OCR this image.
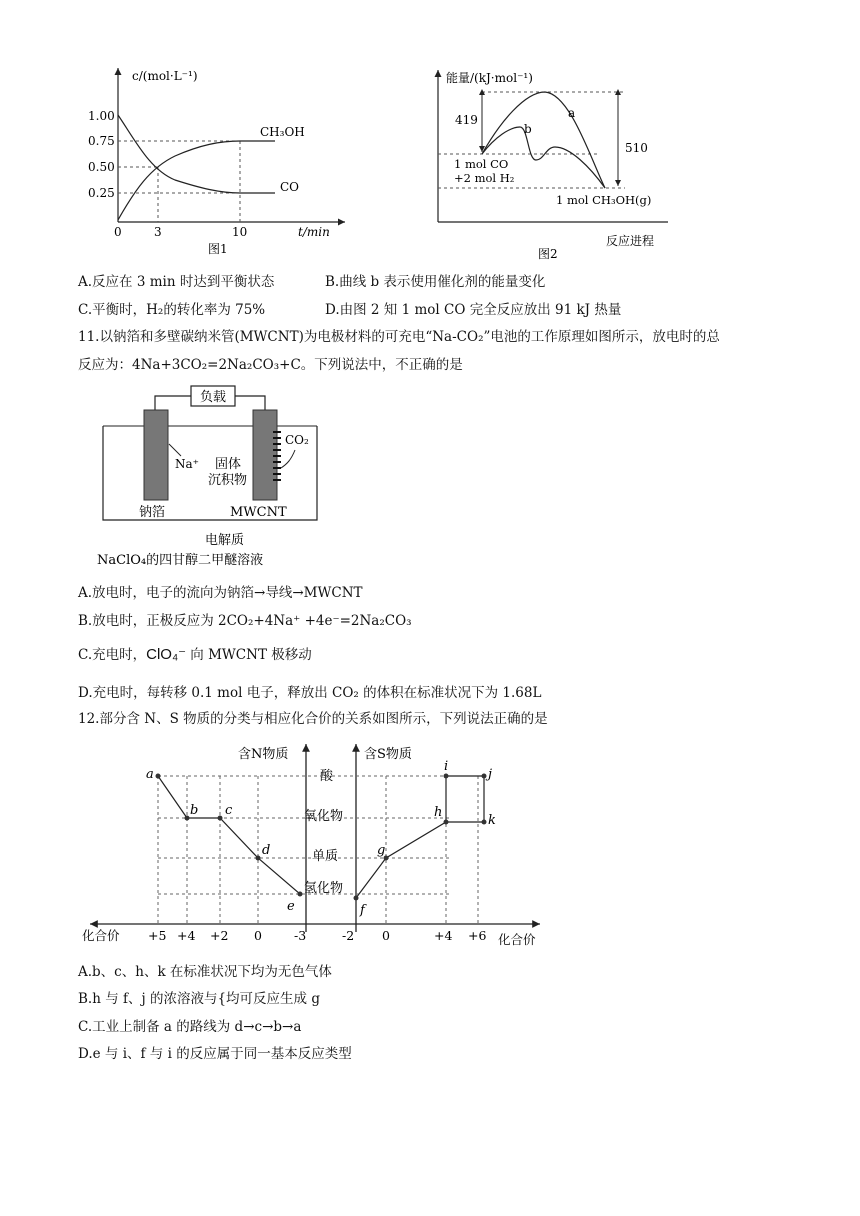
c/(mol·L⁻¹)
t/min
1.00
0.75
0.50
0.25
CH₃OH
CO
0	3	10
图1
能量/(kJ·mol⁻¹)
反应进程
419
510
a
b
1 mol CO
+2 mol H₂
1 mol CH₃OH(g)
图2
A.反应在 3 min 时达到平衡状态	B.曲线 b 表示使用催化剂的能量变化
C.平衡时，H₂的转化率为 75%	D.由图 2 知 1 mol CO 完全反应放出 91 kJ 热量
11.以钠箔和多壁碳纳米管(MWCNT)为电极材料的可充电“Na-CO₂”电池的工作原理如图所示，放电时的总
反应为：4Na+3CO₂=2Na₂CO₃+C。下列说法中，不正确的是
负载
Na⁺
CO₂
固体
沉积物
钠箔	MWCNT
电解质
NaClO₄的四甘醇二甲醚溶液
A.放电时，电子的流向为钠箔→导线→MWCNT
B.放电时，正极反应为 2CO₂+4Na⁺ +4e⁻=2Na₂CO₃
C.充电时，ClO₄⁻ 向 MWCNT 极移动
D.充电时，每转移 0.1 mol 电子，释放出 CO₂ 的体积在标准状况下为 1.68L
12.部分含 N、S 物质的分类与相应化合价的关系如图所示，下列说法正确的是
含N物质	含S物质
酸
氧化物
单质
氢化物
a
b c
d
e	f
g
h
i
j
k
化合价 +5 +4 +2 0	-3	-2 0	+4 +6 化合价
A.b、c、h、k 在标准状况下均为无色气体
B.h 与 f、j 的浓溶液与{均可反应生成 g
C.工业上制备 a 的路线为 d→c→b→a
D.e 与 i、f 与 i 的反应属于同一基本反应类型
